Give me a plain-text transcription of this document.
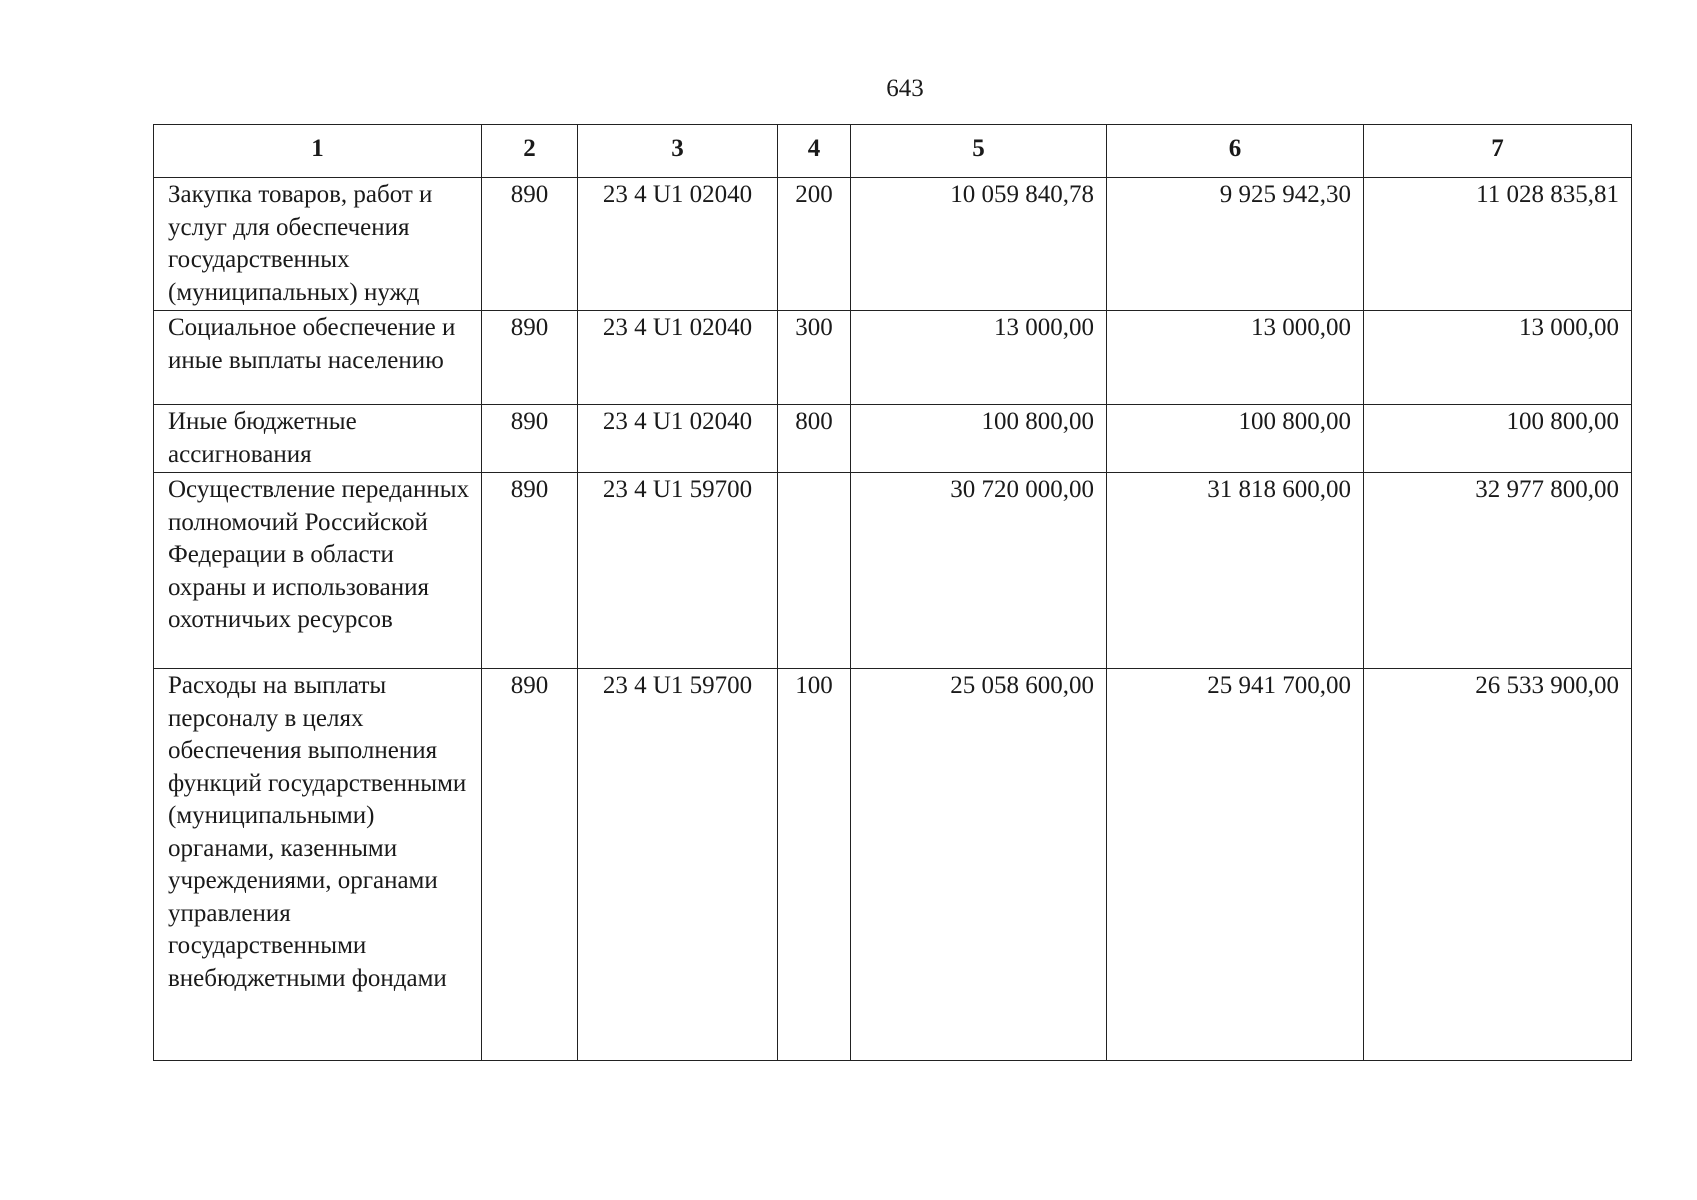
643
1	2	3	4	5	6	7
Закупка товаров, работ и услуг для обеспечения государственных (муниципальных) нужд	890	23 4 U1 02040	200	10 059 840,78	9 925 942,30	11 028 835,81
Социальное обеспечение и иные выплаты населению	890	23 4 U1 02040	300	13 000,00	13 000,00	13 000,00
Иные бюджетные ассигнования	890	23 4 U1 02040	800	100 800,00	100 800,00	100 800,00
Осуществление переданных полномочий Российской Федерации в области охраны и использования охотничьих ресурсов	890	23 4 U1 59700		30 720 000,00	31 818 600,00	32 977 800,00
Расходы на выплаты персоналу в целях обеспечения выполнения функций государственными (муниципальными) органами, казенными учреждениями, органами управления государственными внебюджетными фондами	890	23 4 U1 59700	100	25 058 600,00	25 941 700,00	26 533 900,00
